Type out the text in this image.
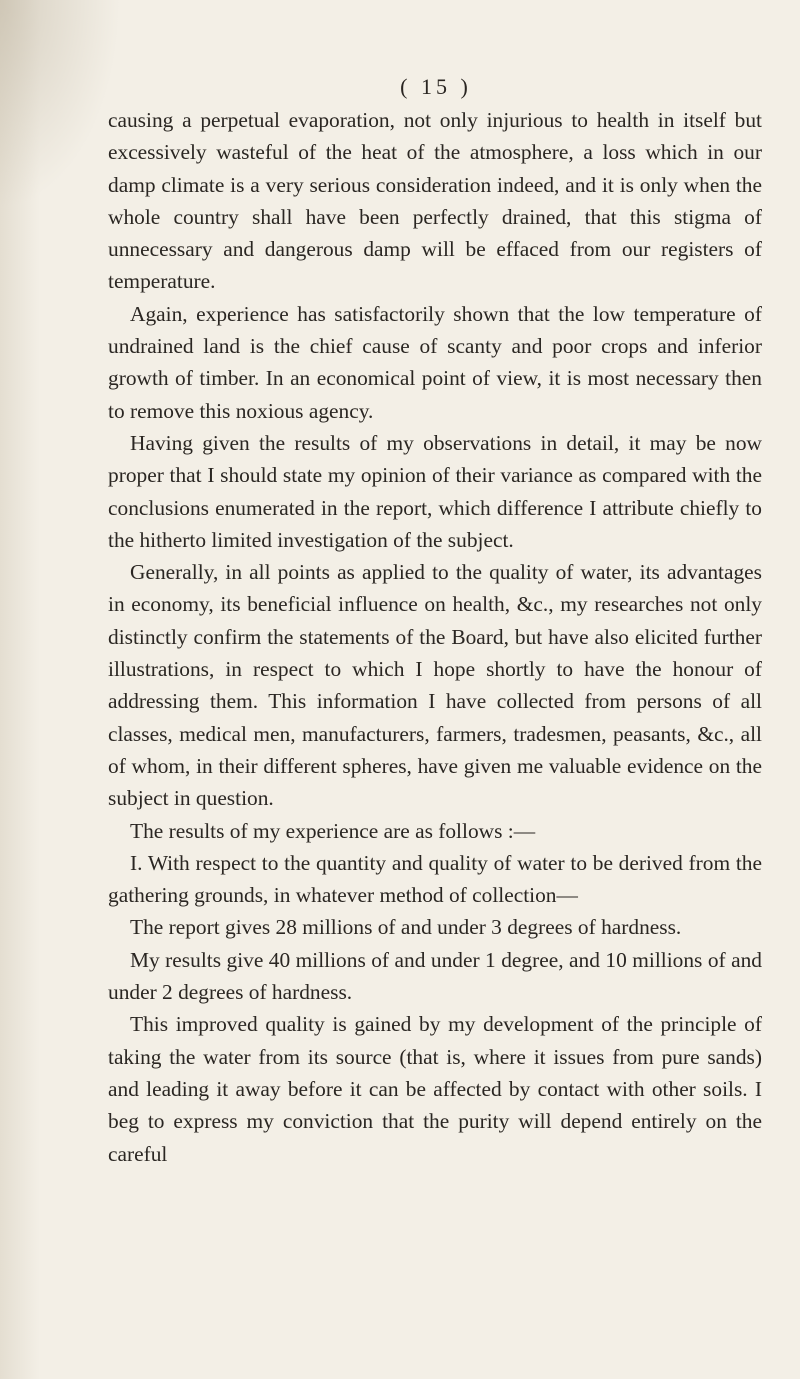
( 15 )

causing a perpetual evaporation, not only injurious to health in itself but excessively wasteful of the heat of the atmosphere, a loss which in our damp climate is a very serious consideration indeed, and it is only when the whole country shall have been perfectly drained, that this stigma of unnecessary and dangerous damp will be effaced from our registers of temperature.

Again, experience has satisfactorily shown that the low temperature of undrained land is the chief cause of scanty and poor crops and inferior growth of timber. In an economical point of view, it is most necessary then to remove this noxious agency.

Having given the results of my observations in detail, it may be now proper that I should state my opinion of their variance as compared with the conclusions enumerated in the report, which difference I attribute chiefly to the hitherto limited investigation of the subject.

Generally, in all points as applied to the quality of water, its advantages in economy, its beneficial influence on health, &c., my researches not only distinctly confirm the statements of the Board, but have also elicited further illustrations, in respect to which I hope shortly to have the honour of addressing them. This information I have collected from persons of all classes, medical men, manufacturers, farmers, tradesmen, peasants, &c., all of whom, in their different spheres, have given me valuable evidence on the subject in question.

The results of my experience are as follows :—

I. With respect to the quantity and quality of water to be derived from the gathering grounds, in whatever method of collection—

The report gives 28 millions of and under 3 degrees of hardness.

My results give 40 millions of and under 1 degree, and 10 millions of and under 2 degrees of hardness.

This improved quality is gained by my development of the principle of taking the water from its source (that is, where it issues from pure sands) and leading it away before it can be affected by contact with other soils. I beg to express my conviction that the purity will depend entirely on the careful
